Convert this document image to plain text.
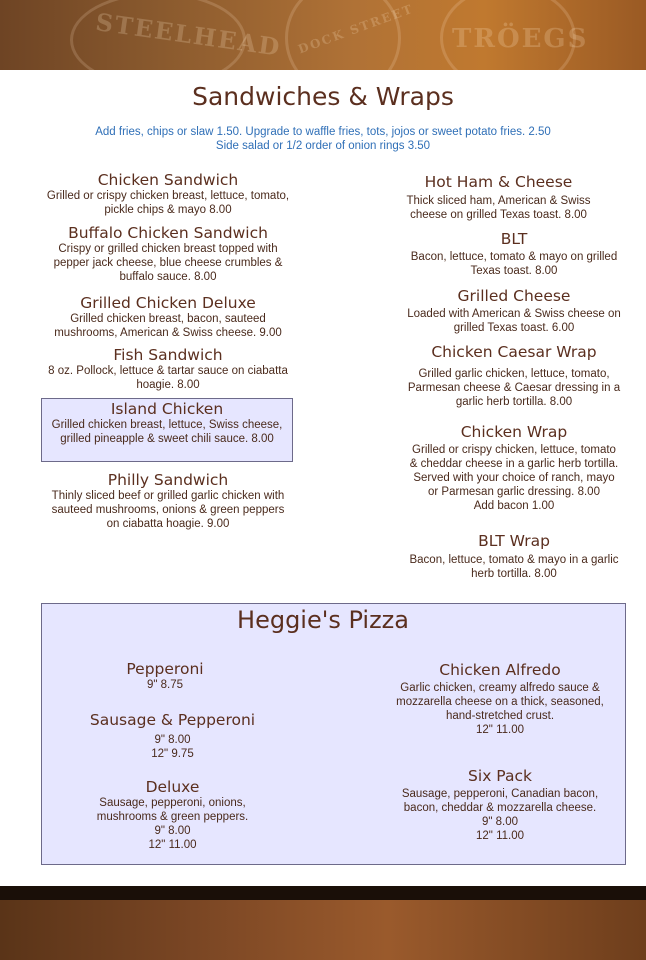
STEELHEAD DOCK STREET TRÖEGS
Sandwiches & Wraps
Add fries, chips or slaw 1.50. Upgrade to waffle fries, tots, jojos or sweet potato fries. 2.50
Side salad or 1/2 order of onion rings 3.50
Chicken Sandwich
Grilled or crispy chicken breast, lettuce, tomato,
pickle chips & mayo 8.00
Buffalo Chicken Sandwich
Crispy or grilled chicken breast topped with
pepper jack cheese, blue cheese crumbles &
buffalo sauce. 8.00
Grilled Chicken Deluxe
Grilled chicken breast, bacon, sauteed
mushrooms, American & Swiss cheese. 9.00
Fish Sandwich
8 oz. Pollock, lettuce & tartar sauce on ciabatta
hoagie. 8.00
Island Chicken
Grilled chicken breast, lettuce, Swiss cheese,
grilled pineapple & sweet chili sauce. 8.00
Philly Sandwich
Thinly sliced beef or grilled garlic chicken with
sauteed mushrooms, onions & green peppers
on ciabatta hoagie. 9.00
Hot Ham & Cheese
Thick sliced ham, American & Swiss
cheese on grilled Texas toast. 8.00
BLT
Bacon, lettuce, tomato & mayo on grilled
Texas toast. 8.00
Grilled Cheese
Loaded with American & Swiss cheese on
grilled Texas toast. 6.00
Chicken Caesar Wrap
Grilled garlic chicken, lettuce, tomato,
Parmesan cheese & Caesar dressing in a
garlic herb tortilla. 8.00
Chicken Wrap
Grilled or crispy chicken, lettuce, tomato
& cheddar cheese in a garlic herb tortilla.
Served with your choice of ranch, mayo
or Parmesan garlic dressing. 8.00
Add bacon 1.00
BLT Wrap
Bacon, lettuce, tomato & mayo in a garlic
herb tortilla. 8.00
Heggie's Pizza
Pepperoni
9" 8.75
Sausage & Pepperoni
9" 8.00
12" 9.75
Deluxe
Sausage, pepperoni, onions,
mushrooms & green peppers.
9" 8.00
12" 11.00
Chicken Alfredo
Garlic chicken, creamy alfredo sauce &
mozzarella cheese on a thick, seasoned,
hand-stretched crust.
12" 11.00
Six Pack
Sausage, pepperoni, Canadian bacon,
bacon, cheddar & mozzarella cheese.
9" 8.00
12" 11.00
